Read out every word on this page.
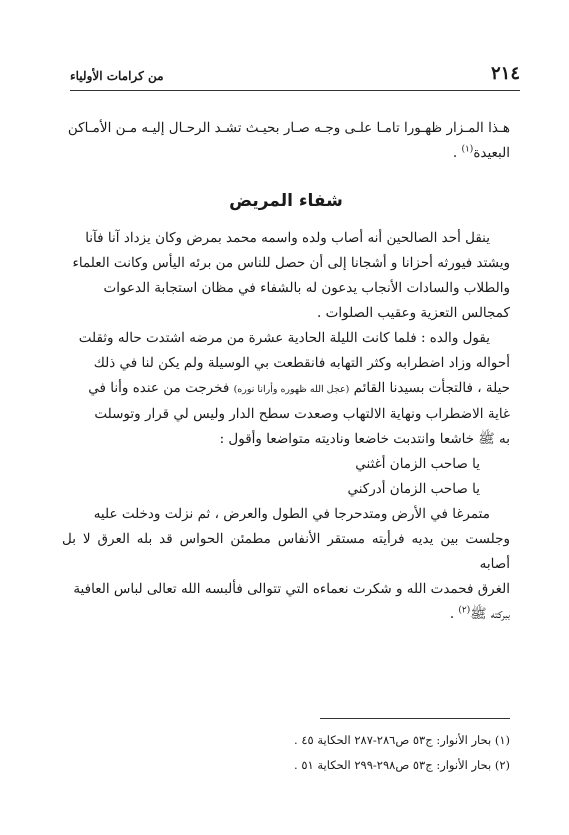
٢١٤
من كرامات الأولياء

هـذا المـزار ظهـورا تامـا علـى وجـه صـار بحيـث تشـد الرحـال إليـه مـن الأمـاكن

البعيدة$^{(١)}$ .

شفاء المريض

ينقل أحد الصالحين أنه أصاب ولده واسمه محمد بمرض وكان يزداد آنا فآنا

ويشتد فيورثه أحزانا و أشجانا إلى أن حصل للناس من برئه اليأس وكانت العلماء

والطلاب والسادات الأنجاب يدعون له بالشفاء في مظان استجابة الدعوات

كمجالس التعزية وعقيب الصلوات .

يقول والده : فلما كانت الليلة الحادية عشرة من مرضه اشتدت حاله وثقلت

أحواله وزاد اضطرابه وكثر التهابه فانقطعت بي الوسيلة ولم يكن لنا في ذلك

حيلة ، فالتجأت بسيدنا القائم (عجل الله ظهوره وأرانا نوره) فخرجت من عنده وأنا في

غاية الاضطراب ونهاية الالتهاب وصعدت سطح الدار وليس لي قرار وتوسلت

به ﷺ خاشعا وانتدبت خاضعا وناديته متواضعا وأقول :

يا صاحب الزمان أغثني

يا صاحب الزمان أدركني

متمرغا في الأرض ومتدحرجا في الطول والعرض ، ثم نزلت ودخلت عليه

وجلست بين يديه فرأيته مستقر الأنفاس مطمئن الحواس قد بله العرق لا بل أصابه

الغرق فحمدت الله و شكرت نعماءه التي تتوالى فألبسه الله تعالى لباس العافية

ببركته ﷺ$^{(٢)}$ .

(١) بحار الأنوار: ج٥٣ ص٢٨٦-٢٨٧ الحكاية ٤٥ .

(٢) بحار الأنوار: ج٥٣ ص٢٩٨-٢٩٩ الحكاية ٥١ .
